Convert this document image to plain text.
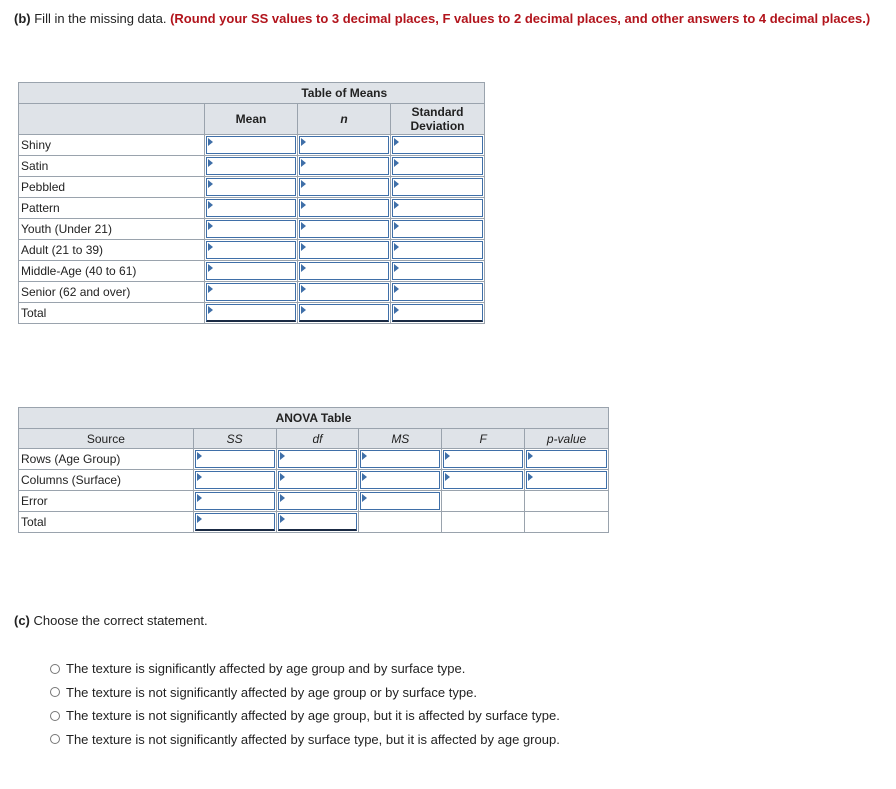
(b) Fill in the missing data. (Round your SS values to 3 decimal places, F values to 2 decimal places, and other answers to 4 decimal places.)
	Table of Means		
	Mean	n	Standard Deviation
Shiny	

Satin	

Pebbled	

Pattern	

Youth (Under 21)	

Adult (21 to 39)	

Middle-Age (40 to 61)	

Senior (62 and over)	

Total	

ANOVA Table					
Source	SS	df	MS	F	p-value
Rows (Age Group)	

Columns (Surface)	

Error	

Total	

(c) Choose the correct statement.
The texture is significantly affected by age group and by surface type.
The texture is not significantly affected by age group or by surface type.
The texture is not significantly affected by age group, but it is affected by surface type.
The texture is not significantly affected by surface type, but it is affected by age group.
